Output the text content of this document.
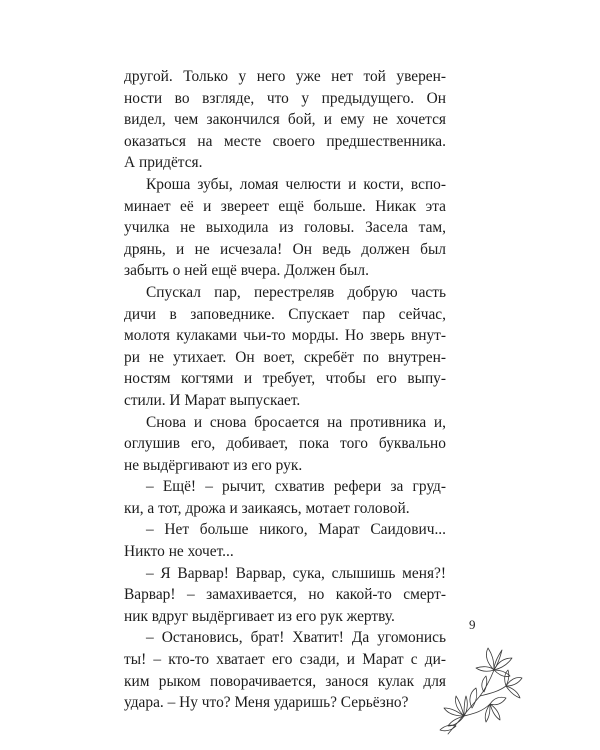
другой. Только у него уже нет той уверен-
ности во взгляде, что у предыдущего. Он
видел, чем закончился бой, и ему не хочется
оказаться на месте своего предшественника.
А придётся.
Кроша зубы, ломая челюсти и кости, вспо-
минает её и звереет ещё больше. Никак эта
училка не выходила из головы. Засела там,
дрянь, и не исчезала! Он ведь должен был
забыть о ней ещё вчера. Должен был.
Спускал пар, перестреляв добрую часть
дичи в заповеднике. Спускает пар сейчас,
молотя кулаками чьи-то морды. Но зверь внут-
ри не утихает. Он воет, скребёт по внутрен-
ностям когтями и требует, чтобы его выпу-
стили. И Марат выпускает.
Снова и снова бросается на противника и,
оглушив его, добивает, пока того буквально
не выдёргивают из его рук.
– Ещё! – рычит, схватив рефери за груд-
ки, а тот, дрожа и заикаясь, мотает головой.
– Нет больше никого, Марат Саидович...
Никто не хочет...
– Я Варвар! Варвар, сука, слышишь меня?!
Варвар! – замахивается, но какой-то смерт-
ник вдруг выдёргивает из его рук жертву.
– Остановись, брат! Хватит! Да угомонись
ты! – кто-то хватает его сзади, и Марат с ди-
ким рыком поворачивается, занося кулак для
удара. – Ну что? Меня ударишь? Серьёзно?
9
